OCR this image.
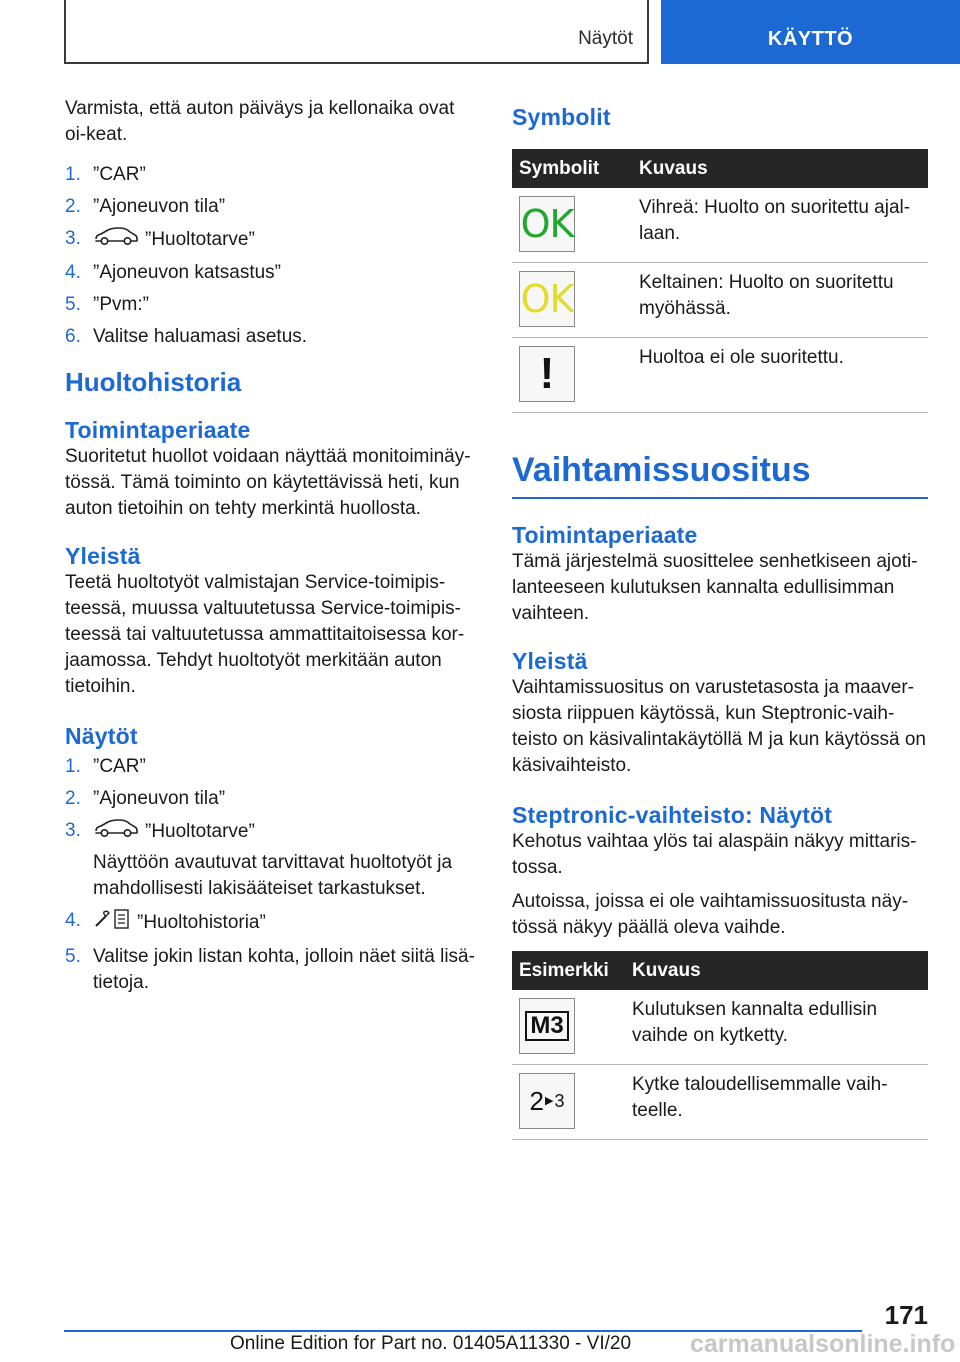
Näytöt	KÄYTTÖ

Varmista, että auton päiväys ja kellonaika ovat oi-keat.

1. ”CAR”
2. ”Ajoneuvon tila”
3.	”Huoltotarve”
4. ”Ajoneuvon katsastus”
5. ”Pvm:”
6. Valitse haluamasi asetus.
Huoltohistoria
Toimintaperiaate

Suoritetut huollot voidaan näyttää monitoiminäy-tössä. Tämä toiminto on käytettävissä heti, kun auton tietoihin on tehty merkintä huollosta.

Yleistä

Teetä huoltotyöt valmistajan Service-toimipis-teessä, muussa valtuutetussa Service-toimipis-teessä tai valtuutetussa ammattitaitoisessa kor-jaamossa. Tehdyt huoltotyöt merkitään auton tietoihin.

Näytöt
1. ”CAR”
2. ”Ajoneuvon tila”
3.	”Huoltotarve”
Näyttöön avautuvat tarvittavat huoltotyöt ja mahdollisesti lakisääteiset tarkastukset.
4.	”Huoltohistoria”
5. Valitse jokin listan kohta, jolloin näet siitä lisä-tietoja.
Symbolit
Symbolit	Kuvaus

OK	Vihreä: Huolto on suoritettu ajal-laan.

OK	Keltainen: Huolto on suoritettu myöhässä.

!	Huoltoa ei ole suoritettu.
Vaihtamissuositus
Toimintaperiaate

Tämä järjestelmä suosittelee senhetkiseen ajoti-lanteeseen kulutuksen kannalta edullisimman vaihteen.

Yleistä

Vaihtamissuositus on varustetasosta ja maaver-siosta riippuen käytössä, kun Steptronic-vaih-teisto on käsivalintakäytöllä M ja kun käytössä on käsivaihteisto.

Steptronic-vaihteisto: Näytöt

Kehotus vaihtaa ylös tai alaspäin näkyy mittaris-tossa.

Autoissa, joissa ei ole vaihtamissuositusta näy-tössä näkyy päällä oleva vaihde.

Esimerkki	Kuvaus

M3	Kulutuksen kannalta edullisin vaihde on kytketty.

2 ▶ 3	Kytke taloudellisemmalle vaih-teelle.
171
Online Edition for Part no. 01405A11330 - VI/20 carmanualsonline.info
